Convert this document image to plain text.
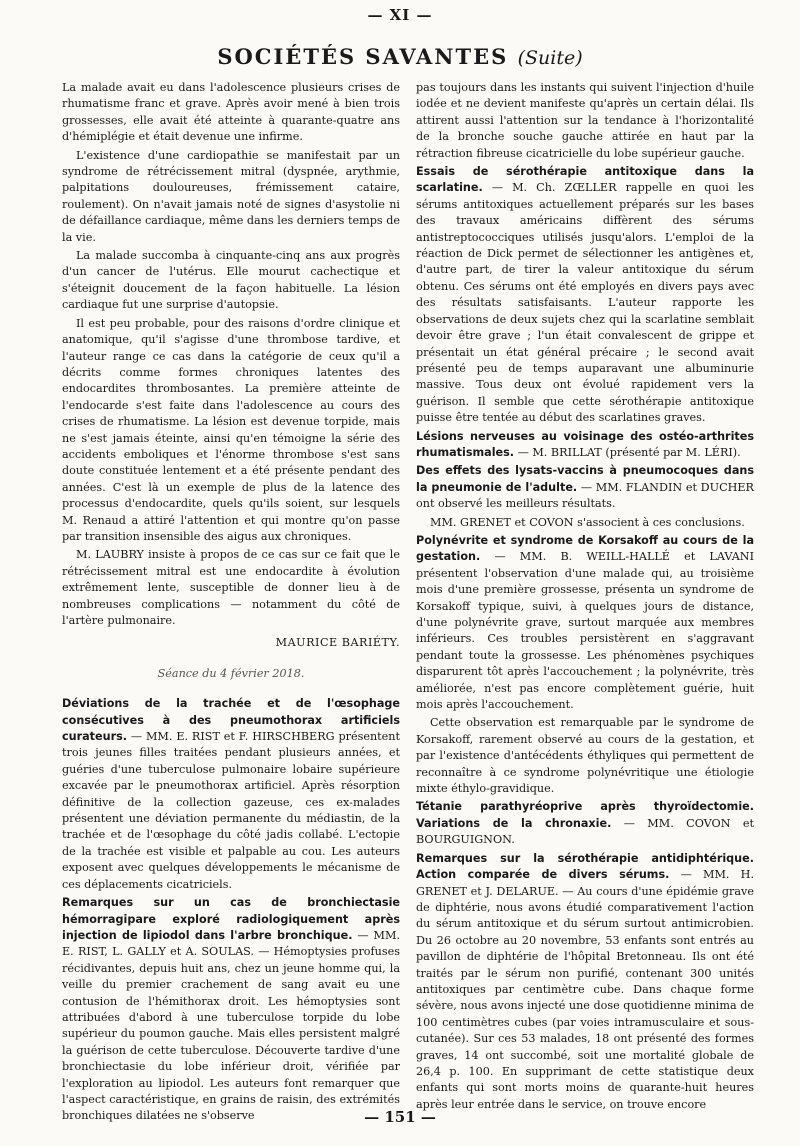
— XI —
SOCIÉTÉS SAVANTES (Suite)

La malade avait eu dans l'adolescence plusieurs crises de rhumatisme franc et grave. Après avoir mené à bien trois grossesses, elle avait été atteinte à quarante-quatre ans d'hémiplégie et était devenue une infirme.

L'existence d'une cardiopathie se manifestait par un syndrome de rétrécissement mitral (dyspnée, arythmie, palpitations douloureuses, frémissement cataire, roulement). On n'avait jamais noté de signes d'asystolie ni de défaillance cardiaque, même dans les derniers temps de la vie.

La malade succomba à cinquante-cinq ans aux progrès d'un cancer de l'utérus. Elle mourut cachectique et s'éteignit doucement de la façon habituelle. La lésion cardiaque fut une surprise d'autopsie.

Il est peu probable, pour des raisons d'ordre clinique et anatomique, qu'il s'agisse d'une thrombose tardive, et l'auteur range ce cas dans la catégorie de ceux qu'il a décrits comme formes chroniques latentes des endocardites thrombosantes. La première atteinte de l'endocarde s'est faite dans l'adolescence au cours des crises de rhumatisme. La lésion est devenue torpide, mais ne s'est jamais éteinte, ainsi qu'en témoigne la série des accidents emboliques et l'énorme thrombose s'est sans doute constituée lentement et a été présente pendant des années. C'est là un exemple de plus de la latence des processus d'endocardite, quels qu'ils soient, sur lesquels M. Renaud a attiré l'attention et qui montre qu'on passe par transition insensible des aigus aux chroniques.

M. LAUBRY insiste à propos de ce cas sur ce fait que le rétrécissement mitral est une endocardite à évolution extrêmement lente, susceptible de donner lieu à de nombreuses complications — notamment du côté de l'artère pulmonaire.

MAURICE BARIÉTY.
Séance du 4 février 2018.
Déviations de la trachée et de l'œsophage consécutives à des pneumothorax artificiels curateurs. — MM. E. RIST et F. HIRSCHBERG présentent trois jeunes filles traitées pendant plusieurs années, et guéries d'une tuberculose pulmonaire lobaire supérieure excavée par le pneumothorax artificiel. Après résorption définitive de la collection gazeuse, ces ex-malades présentent une déviation permanente du médiastin, de la trachée et de l'œsophage du côté jadis collabé. L'ectopie de la trachée est visible et palpable au cou. Les auteurs exposent avec quelques développements le mécanisme de ces déplacements cicatriciels.
Remarques sur un cas de bronchiectasie hémorragipare exploré radiologiquement après injection de lipiodol dans l'arbre bronchique. — MM. E. RIST, L. GALLY et A. SOULAS. — Hémoptysies profuses récidivantes, depuis huit ans, chez un jeune homme qui, la veille du premier crachement de sang avait eu une contusion de l'hémithorax droit. Les hémoptysies sont attribuées d'abord à une tuberculose torpide du lobe supérieur du poumon gauche. Mais elles persistent malgré la guérison de cette tuberculose. Découverte tardive d'une bronchiectasie du lobe inférieur droit, vérifiée par l'exploration au lipiodol. Les auteurs font remarquer que l'aspect caractéristique, en grains de raisin, des extrémités bronchiques dilatées ne s'observe

pas toujours dans les instants qui suivent l'injection d'huile iodée et ne devient manifeste qu'après un certain délai. Ils attirent aussi l'attention sur la tendance à l'horizontalité de la bronche souche gauche attirée en haut par la rétraction fibreuse cicatricielle du lobe supérieur gauche.

Essais de sérothérapie antitoxique dans la scarlatine. — M. Ch. ZŒLLER rappelle en quoi les sérums antitoxiques actuellement préparés sur les bases des travaux américains diffèrent des sérums antistreptococciques utilisés jusqu'alors. L'emploi de la réaction de Dick permet de sélectionner les antigènes et, d'autre part, de tirer la valeur antitoxique du sérum obtenu. Ces sérums ont été employés en divers pays avec des résultats satisfaisants. L'auteur rapporte les observations de deux sujets chez qui la scarlatine semblait devoir être grave ; l'un était convalescent de grippe et présentait un état général précaire ; le second avait présenté peu de temps auparavant une albuminurie massive. Tous deux ont évolué rapidement vers la guérison. Il semble que cette sérothérapie antitoxique puisse être tentée au début des scarlatines graves.
Lésions nerveuses au voisinage des ostéo-arthrites rhumatismales. — M. BRILLAT (présenté par M. LÉRI).
Des effets des lysats-vaccins à pneumocoques dans la pneumonie de l'adulte. — MM. FLANDIN et DUCHER ont observé les meilleurs résultats.

MM. GRENET et COVON s'associent à ces conclusions.

Polynévrite et syndrome de Korsakoff au cours de la gestation. — MM. B. WEILL-HALLÉ et LAVANI présentent l'observation d'une malade qui, au troisième mois d'une première grossesse, présenta un syndrome de Korsakoff typique, suivi, à quelques jours de distance, d'une polynévrite grave, surtout marquée aux membres inférieurs. Ces troubles persistèrent en s'aggravant pendant toute la grossesse. Les phénomènes psychiques disparurent tôt après l'accouchement ; la polynévrite, très améliorée, n'est pas encore complètement guérie, huit mois après l'accouchement.

Cette observation est remarquable par le syndrome de Korsakoff, rarement observé au cours de la gestation, et par l'existence d'antécédents éthyliques qui permettent de reconnaître à ce syndrome polynévritique une étiologie mixte éthylo-gravidique.

Tétanie parathyréoprive après thyroïdectomie. Variations de la chronaxie. — MM. COVON et BOURGUIGNON.
Remarques sur la sérothérapie antidiphtérique. Action comparée de divers sérums. — MM. H. GRENET et J. DELARUE. — Au cours d'une épidémie grave de diphtérie, nous avons étudié comparativement l'action du sérum antitoxique et du sérum surtout antimicrobien. Du 26 octobre au 20 novembre, 53 enfants sont entrés au pavillon de diphtérie de l'hôpital Bretonneau. Ils ont été traités par le sérum non purifié, contenant 300 unités antitoxiques par centimètre cube. Dans chaque forme sévère, nous avons injecté une dose quotidienne minima de 100 centimètres cubes (par voies intramusculaire et sous-cutanée). Sur ces 53 malades, 18 ont présenté des formes graves, 14 ont succombé, soit une mortalité globale de 26,4 p. 100. En supprimant de cette statistique deux enfants qui sont morts moins de quarante-huit heures après leur entrée dans le service, on trouve encore
— 151 —
